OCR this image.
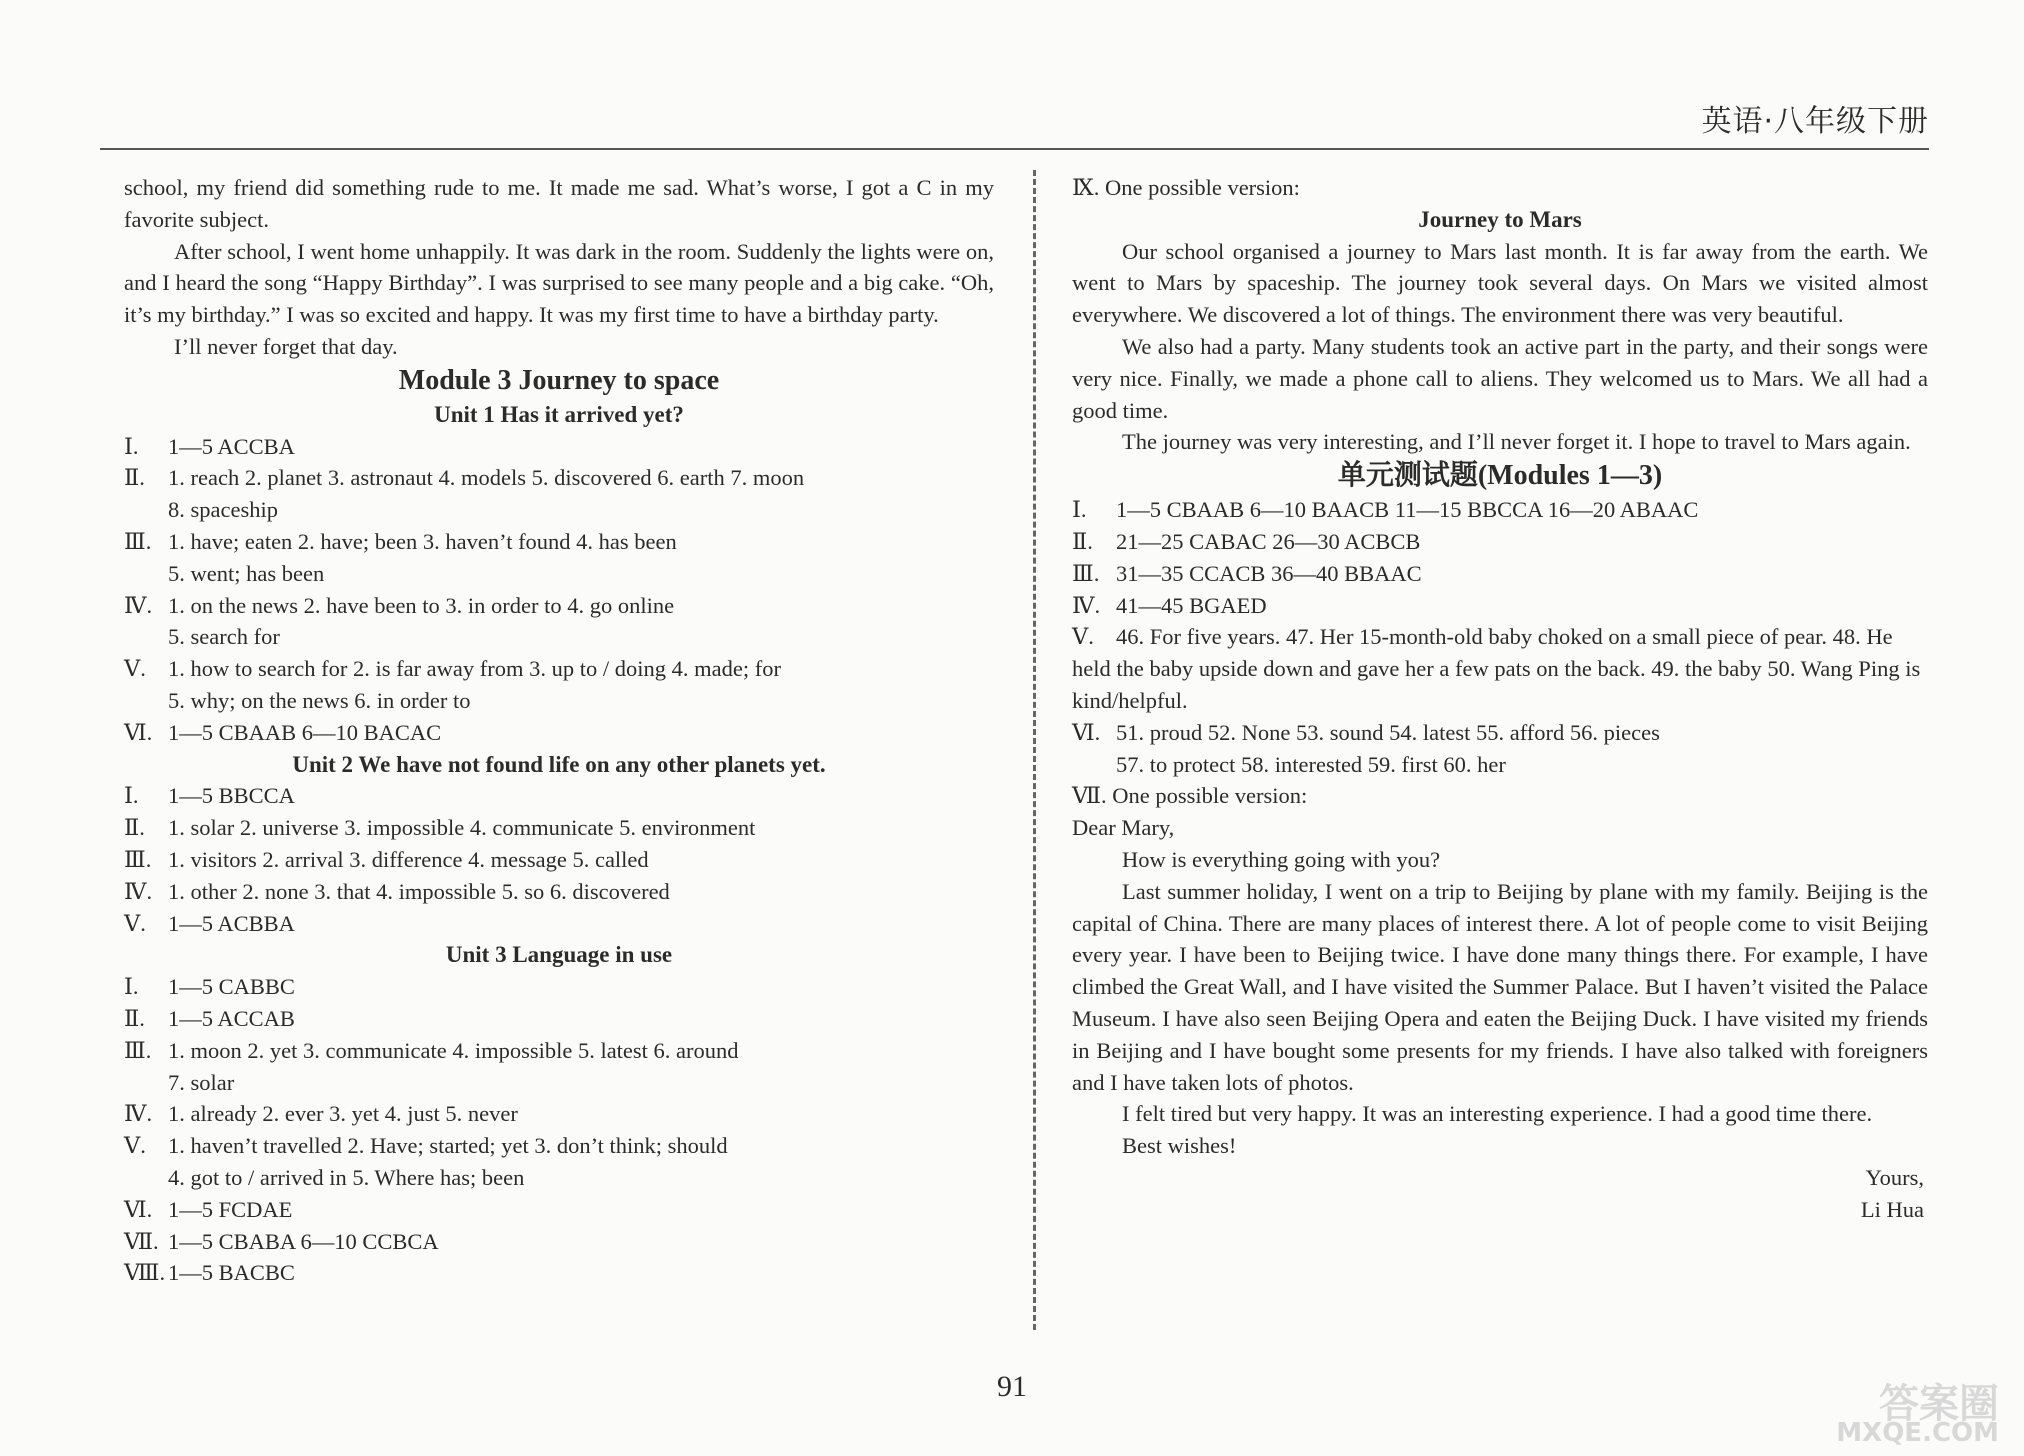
英语·八年级下册

school, my friend did something rude to me. It made me sad. What’s worse, I got a C in my favorite subject.

After school, I went home unhappily. It was dark in the room. Suddenly the lights were on, and I heard the song “Happy Birthday”. I was surprised to see many people and a big cake. “Oh, it’s my birthday.” I was so excited and happy. It was my first time to have a birthday party.

I’ll never forget that day.

Module 3 Journey to space

Unit 1 Has it arrived yet?

Ⅰ. 1—5 ACCBA

Ⅱ. 1. reach 2. planet 3. astronaut 4. models 5. discovered 6. earth 7. moon

8. spaceship

Ⅲ. 1. have; eaten 2. have; been 3. haven’t found 4. has been

5. went; has been

Ⅳ. 1. on the news 2. have been to 3. in order to 4. go online

5. search for

Ⅴ. 1. how to search for 2. is far away from 3. up to / doing 4. made; for

5. why; on the news 6. in order to

Ⅵ. 1—5 CBAAB 6—10 BACAC

Unit 2 We have not found life on any other planets yet.

Ⅰ. 1—5 BBCCA

Ⅱ. 1. solar 2. universe 3. impossible 4. communicate 5. environment

Ⅲ. 1. visitors 2. arrival 3. difference 4. message 5. called

Ⅳ. 1. other 2. none 3. that 4. impossible 5. so 6. discovered

Ⅴ. 1—5 ACBBA

Unit 3 Language in use

Ⅰ. 1—5 CABBC

Ⅱ. 1—5 ACCAB

Ⅲ. 1. moon 2. yet 3. communicate 4. impossible 5. latest 6. around

7. solar

Ⅳ. 1. already 2. ever 3. yet 4. just 5. never

Ⅴ. 1. haven’t travelled 2. Have; started; yet 3. don’t think; should

4. got to / arrived in 5. Where has; been

Ⅵ. 1—5 FCDAE

Ⅶ. 1—5 CBABA 6—10 CCBCA

Ⅷ. 1—5 BACBC

Ⅸ. One possible version:

Journey to Mars

Our school organised a journey to Mars last month. It is far away from the earth. We went to Mars by spaceship. The journey took several days. On Mars we visited almost everywhere. We discovered a lot of things. The environment there was very beautiful.

We also had a party. Many students took an active part in the party, and their songs were very nice. Finally, we made a phone call to aliens. They welcomed us to Mars. We all had a good time.

The journey was very interesting, and I’ll never forget it. I hope to travel to Mars again.

单元测试题(Modules 1—3)

Ⅰ. 1—5 CBAAB 6—10 BAACB 11—15 BBCCA 16—20 ABAAC

Ⅱ. 21—25 CABAC 26—30 ACBCB

Ⅲ. 31—35 CCACB 36—40 BBAAC

Ⅳ. 41—45 BGAED

Ⅴ. 46. For five years. 47. Her 15-month-old baby choked on a small piece of pear. 48. He held the baby upside down and gave her a few pats on the back. 49. the baby 50. Wang Ping is kind/helpful.

Ⅵ. 51. proud 52. None 53. sound 54. latest 55. afford 56. pieces

57. to protect 58. interested 59. first 60. her

Ⅶ. One possible version:

Dear Mary,

How is everything going with you?

Last summer holiday, I went on a trip to Beijing by plane with my family. Beijing is the capital of China. There are many places of interest there. A lot of people come to visit Beijing every year. I have been to Beijing twice. I have done many things there. For example, I have climbed the Great Wall, and I have visited the Summer Palace. But I haven’t visited the Palace Museum. I have also seen Beijing Opera and eaten the Beijing Duck. I have visited my friends in Beijing and I have bought some presents for my friends. I have also talked with foreigners and I have taken lots of photos.

I felt tired but very happy. It was an interesting experience. I had a good time there.

Best wishes!

Yours,

Li Hua

91	答案圈
MXQE.COM
